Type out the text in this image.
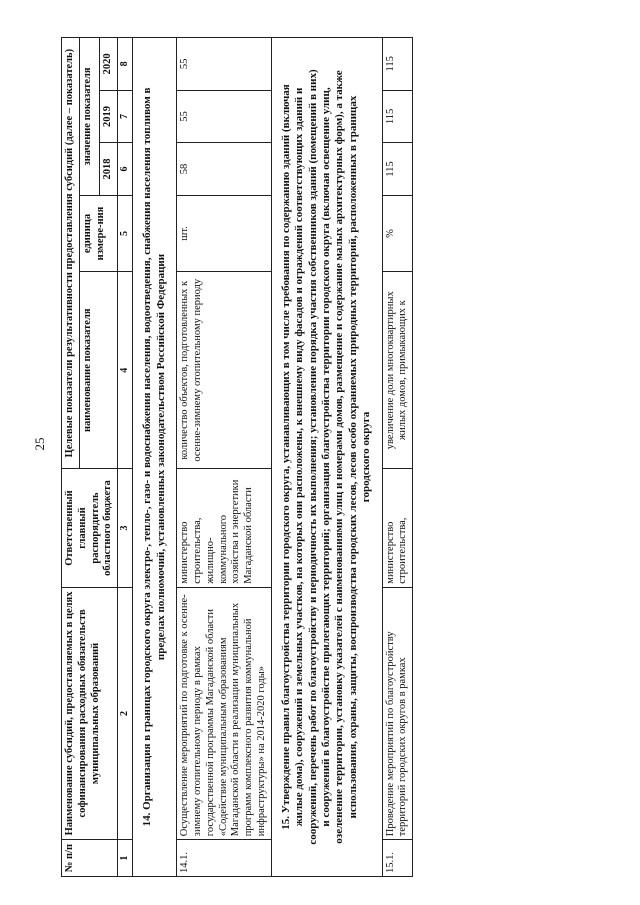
25
№ п/п	Наименование субсидий, предоставляемых в целях софинансирования расходных обязательств муниципальных образований	Ответственный главный распорядитель областного бюджета	Целевые показатели результативности предоставления субсидий (далее – показатель)				
			наименование показателя	единица измере-ния	значение показателя		
					2018	2019	2020
1	2	3	4	5	6	7	8
14. Организация в границах городского округа электро-, тепло-, газо- и водоснабжения населения, водоотведения, снабжения населения топливом в пределах полномочий, установленных законодательством Российской Федерации							
14.1.	Осуществление мероприятий по подготовке к осенне-зимнему отопительному периоду в рамках государственной программы Магаданской области «Содействие муниципальным образованиям Магаданской области в реализации муниципальных программ комплексного развития коммунальной инфраструктуры» на 2014-2020 годы»	министерство строительства, жилищно-коммунального хозяйства и энергетики Магаданской области	количество объектов, подготовленных к осенне-зимнему отопительному периоду	шт.	58	55	55
15. Утверждение правил благоустройства территории городского округа, устанавливающих в том числе требования по содержанию зданий (включая жилые дома), сооружений и земельных участков, на которых они расположены, к внешнему виду фасадов и ограждений соответствующих зданий и сооружений, перечень работ по благоустройству и периодичность их выполнения; установление порядка участия собственников зданий (помещений в них) и сооружений в благоустройстве прилегающих территорий; организация благоустройства территории городского округа (включая освещение улиц, озеленение территории, установку указателей с наименованиями улиц и номерами домов, размещение и содержание малых архитектурных форм), а также использования, охраны, защиты, воспроизводства городских лесов, лесов особо охраняемых природных территорий, расположенных в границах городского округа							
15.1.	Проведение мероприятий по благоустройству территорий городских округов в рамках	министерство строительства,	увеличение доли многоквартирных жилых домов, примыкающих к	%	115	115	115
